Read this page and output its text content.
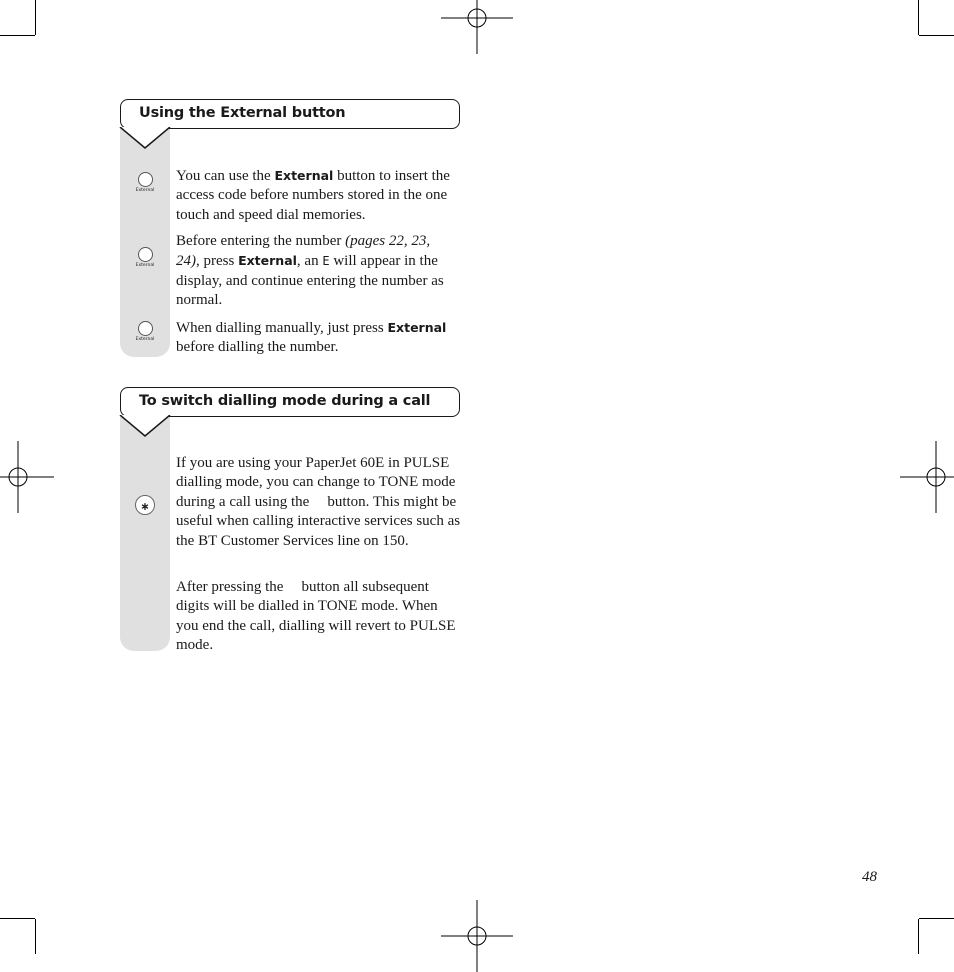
Using the External button
External
External
External
You can use the External button to insert the access code before numbers stored in the one touch and speed dial memories.
Before entering the number (pages 22, 23, 24), press External, an E will appear in the display, and continue entering the number as normal.
When dialling manually, just press External before dialling the number.
To switch dialling mode during a call
∗
If you are using your PaperJet 60E in PULSE dialling mode, you can change to TONE mode during a call using the button. This might be useful when calling interactive services such as the BT Customer Services line on 150.
After pressing the button all subsequent digits will be dialled in TONE mode. When you end the call, dialling will revert to PULSE mode.
48
